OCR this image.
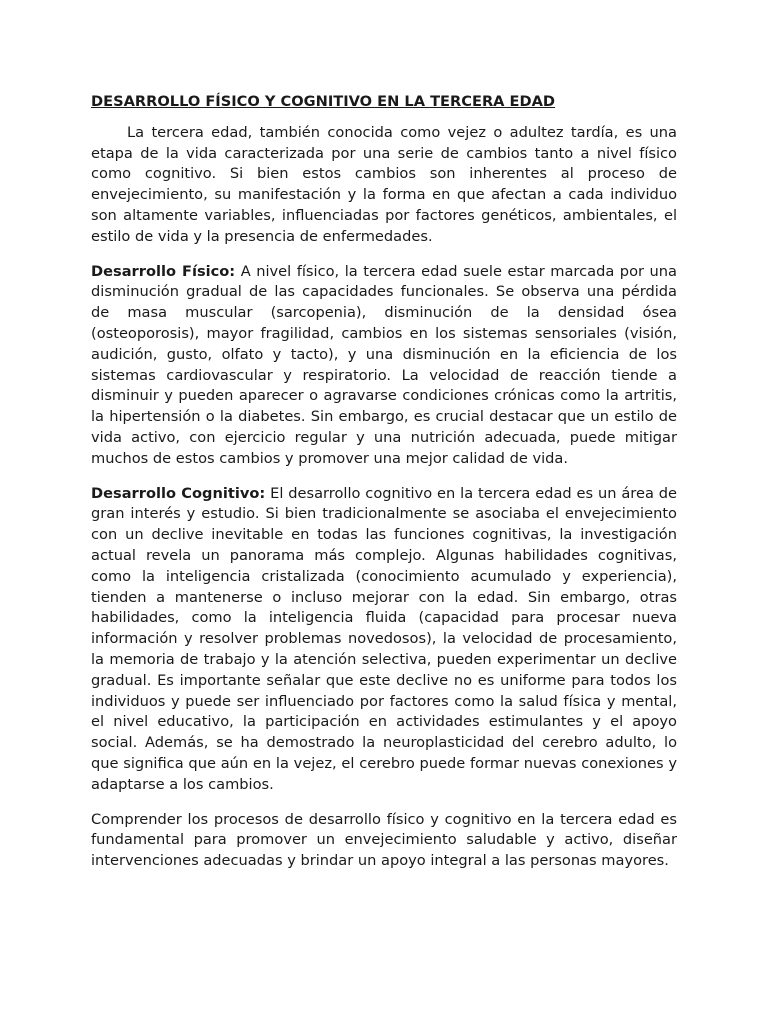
DESARROLLO FÍSICO Y COGNITIVO EN LA TERCERA EDAD

La tercera edad, también conocida como vejez o adultez tardía, es una etapa de la vida caracterizada por una serie de cambios tanto a nivel físico como cognitivo. Si bien estos cambios son inherentes al proceso de envejecimiento, su manifestación y la forma en que afectan a cada individuo son altamente variables, influenciadas por factores genéticos, ambientales, el estilo de vida y la presencia de enfermedades.

Desarrollo Físico: A nivel físico, la tercera edad suele estar marcada por una disminución gradual de las capacidades funcionales. Se observa una pérdida de masa muscular (sarcopenia), disminución de la densidad ósea (osteoporosis), mayor fragilidad, cambios en los sistemas sensoriales (visión, audición, gusto, olfato y tacto), y una disminución en la eficiencia de los sistemas cardiovascular y respiratorio. La velocidad de reacción tiende a disminuir y pueden aparecer o agravarse condiciones crónicas como la artritis, la hipertensión o la diabetes. Sin embargo, es crucial destacar que un estilo de vida activo, con ejercicio regular y una nutrición adecuada, puede mitigar muchos de estos cambios y promover una mejor calidad de vida.

Desarrollo Cognitivo: El desarrollo cognitivo en la tercera edad es un área de gran interés y estudio. Si bien tradicionalmente se asociaba el envejecimiento con un declive inevitable en todas las funciones cognitivas, la investigación actual revela un panorama más complejo. Algunas habilidades cognitivas, como la inteligencia cristalizada (conocimiento acumulado y experiencia), tienden a mantenerse o incluso mejorar con la edad. Sin embargo, otras habilidades, como la inteligencia fluida (capacidad para procesar nueva información y resolver problemas novedosos), la velocidad de procesamiento, la memoria de trabajo y la atención selectiva, pueden experimentar un declive gradual. Es importante señalar que este declive no es uniforme para todos los individuos y puede ser influenciado por factores como la salud física y mental, el nivel educativo, la participación en actividades estimulantes y el apoyo social. Además, se ha demostrado la neuroplasticidad del cerebro adulto, lo que significa que aún en la vejez, el cerebro puede formar nuevas conexiones y adaptarse a los cambios.

Comprender los procesos de desarrollo físico y cognitivo en la tercera edad es fundamental para promover un envejecimiento saludable y activo, diseñar intervenciones adecuadas y brindar un apoyo integral a las personas mayores.
